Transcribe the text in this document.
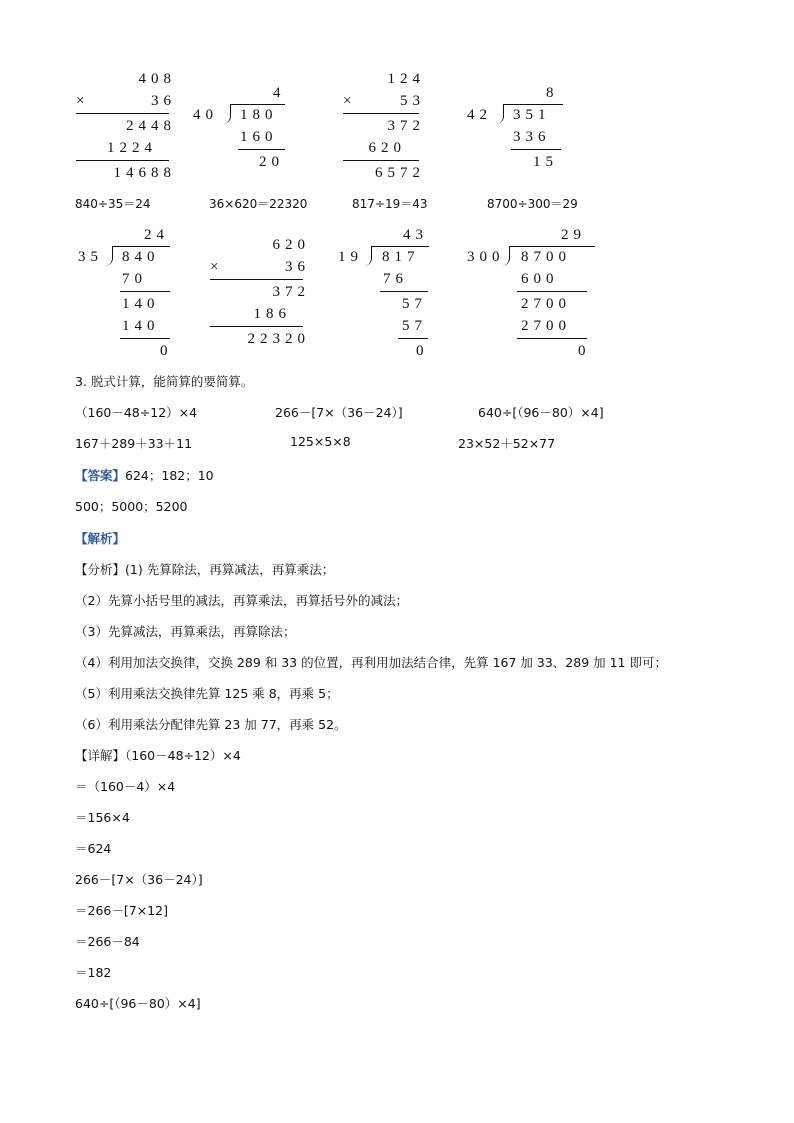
408
×	36
2448
1224
14688
4
40 180
160
20
124
×	53
372
620
6572
8
42 351
336
15
840÷35＝24	36×620＝22320	817÷19＝43	8700÷300＝29
24
35 840
70
140
140
0
620
×	36
372
186
22320
43
19 817
76
57
57
0
29
300 8700
600
2700
2700
0
3. 脱式计算，能简算的要简算。
（160－48÷12）×4	266－[7×（36－24）]	640÷[（96－80）×4]
167＋289＋33＋11	125×5×8	23×52＋52×77
【答案】624；182；10
500；5000；5200
【解析】
【分析】(1) 先算除法，再算减法，再算乘法；
（2）先算小括号里的减法，再算乘法，再算括号外的减法；
（3）先算减法，再算乘法，再算除法；
（4）利用加法交换律，交换 289 和 33 的位置，再利用加法结合律，先算 167 加 33、289 加 11 即可；
（5）利用乘法交换律先算 125 乘 8，再乘 5；
（6）利用乘法分配律先算 23 加 77，再乘 52。
【详解】（160－48÷12）×4
＝（160－4）×4
＝156×4
＝624
266－[7×（36－24）]
＝266－[7×12]
＝266－84
＝182
640÷[（96－80）×4]
